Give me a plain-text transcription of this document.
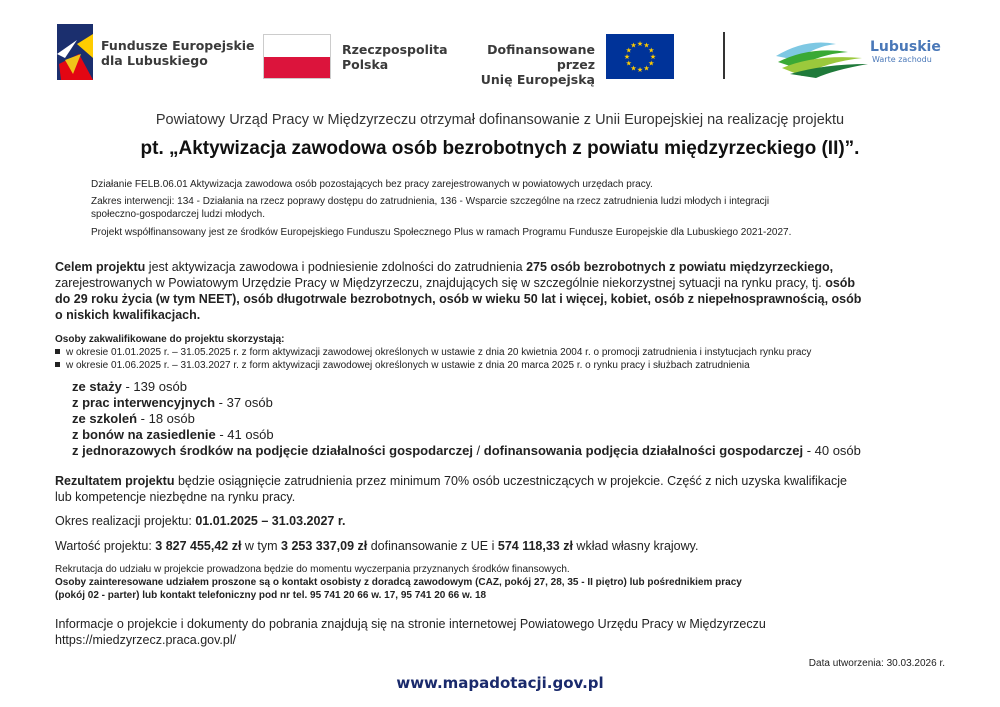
Fundusze Europejskie
dla Lubuskiego
Rzeczpospolita
Polska
Dofinansowane przez
Unię Europejską
★ ★
★
★
★
★
★
★
★
★
★
★	Lubuskie
Warte zachodu
Powiatowy Urząd Pracy w Międzyrzeczu otrzymał dofinansowanie z Unii Europejskiej na realizację projektu
pt. „Aktywizacja zawodowa osób bezrobotnych z powiatu międzyrzeckiego (II)”.
Działanie FELB.06.01 Aktywizacja zawodowa osób pozostających bez pracy zarejestrowanych w powiatowych urzędach pracy.
Zakres interwencji: 134 - Działania na rzecz poprawy dostępu do zatrudnienia, 136 - Wsparcie szczególne na rzecz zatrudnienia ludzi młodych i integracji
społeczno-gospodarczej ludzi młodych.
Projekt współfinansowany jest ze środków Europejskiego Funduszu Społecznego Plus w ramach Programu Fundusze Europejskie dla Lubuskiego 2021-2027.
Celem projektu jest aktywizacja zawodowa i podniesienie zdolności do zatrudnienia 275 osób bezrobotnych z powiatu międzyrzeckiego,
zarejestrowanych w Powiatowym Urzędzie Pracy w Międzyrzeczu, znajdujących się w szczególnie niekorzystnej sytuacji na rynku pracy, tj. osób
do 29 roku życia (w tym NEET), osób długotrwale bezrobotnych, osób w wieku 50 lat i więcej, kobiet, osób z niepełnosprawnością, osób
o niskich kwalifikacjach.
Osoby zakwalifikowane do projektu skorzystają:
w okresie 01.01.2025 r. – 31.05.2025 r. z form aktywizacji zawodowej określonych w ustawie z dnia 20 kwietnia 2004 r. o promocji zatrudnienia i instytucjach rynku pracy
w okresie 01.06.2025 r. – 31.03.2027 r. z form aktywizacji zawodowej określonych w ustawie z dnia 20 marca 2025 r. o rynku pracy i służbach zatrudnienia
ze staży - 139 osób
z prac interwencyjnych - 37 osób
ze szkoleń - 18 osób
z bonów na zasiedlenie - 41 osób
z jednorazowych środków na podjęcie działalności gospodarczej / dofinansowania podjęcia działalności gospodarczej - 40 osób
Rezultatem projektu będzie osiągnięcie zatrudnienia przez minimum 70% osób uczestniczących w projekcie. Część z nich uzyska kwalifikacje
lub kompetencje niezbędne na rynku pracy.
Okres realizacji projektu: 01.01.2025 – 31.03.2027 r.
Wartość projektu: 3 827 455,42 zł w tym 3 253 337,09 zł dofinansowanie z UE i 574 118,33 zł wkład własny krajowy.
Rekrutacja do udziału w projekcie prowadzona będzie do momentu wyczerpania przyznanych środków finansowych.
Osoby zainteresowane udziałem proszone są o kontakt osobisty z doradcą zawodowym (CAZ, pokój 27, 28, 35 - II piętro) lub pośrednikiem pracy
(pokój 02 - parter) lub kontakt telefoniczny pod nr tel. 95 741 20 66 w. 17, 95 741 20 66 w. 18
Informacje o projekcie i dokumenty do pobrania znajdują się na stronie internetowej Powiatowego Urzędu Pracy w Międzyrzeczu
https://miedzyrzecz.praca.gov.pl/
Data utworzenia: 30.03.2026 r.
www.mapadotacji.gov.pl
